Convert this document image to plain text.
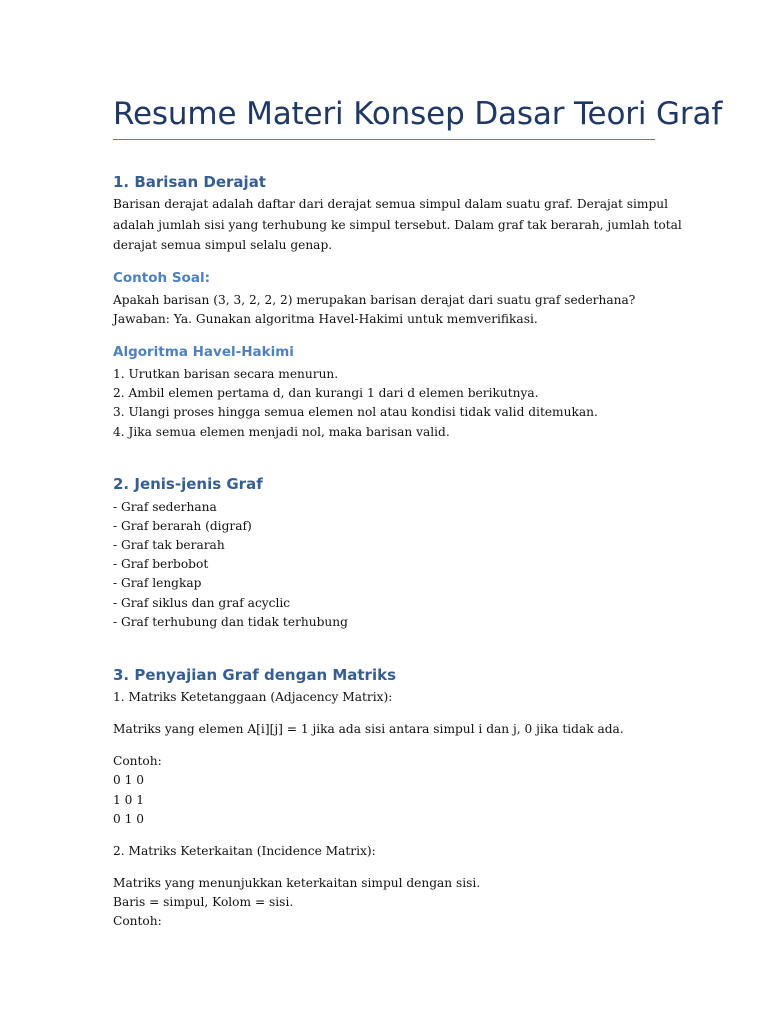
Resume Materi Konsep Dasar Teori Graf
1. Barisan Derajat

Barisan derajat adalah daftar dari derajat semua simpul dalam suatu graf. Derajat simpul

adalah jumlah sisi yang terhubung ke simpul tersebut. Dalam graf tak berarah, jumlah total

derajat semua simpul selalu genap.

Contoh Soal:

Apakah barisan (3, 3, 2, 2, 2) merupakan barisan derajat dari suatu graf sederhana?

Jawaban: Ya. Gunakan algoritma Havel-Hakimi untuk memverifikasi.

Algoritma Havel-Hakimi

1. Urutkan barisan secara menurun.

2. Ambil elemen pertama d, dan kurangi 1 dari d elemen berikutnya.

3. Ulangi proses hingga semua elemen nol atau kondisi tidak valid ditemukan.

4. Jika semua elemen menjadi nol, maka barisan valid.

2. Jenis-jenis Graf

- Graf sederhana

- Graf berarah (digraf)

- Graf tak berarah

- Graf berbobot

- Graf lengkap

- Graf siklus dan graf acyclic

- Graf terhubung dan tidak terhubung

3. Penyajian Graf dengan Matriks

1. Matriks Ketetanggaan (Adjacency Matrix):

Matriks yang elemen A[i][j] = 1 jika ada sisi antara simpul i dan j, 0 jika tidak ada.

Contoh:

0 1 0

1 0 1

0 1 0

2. Matriks Keterkaitan (Incidence Matrix):

Matriks yang menunjukkan keterkaitan simpul dengan sisi.

Baris = simpul, Kolom = sisi.

Contoh:
